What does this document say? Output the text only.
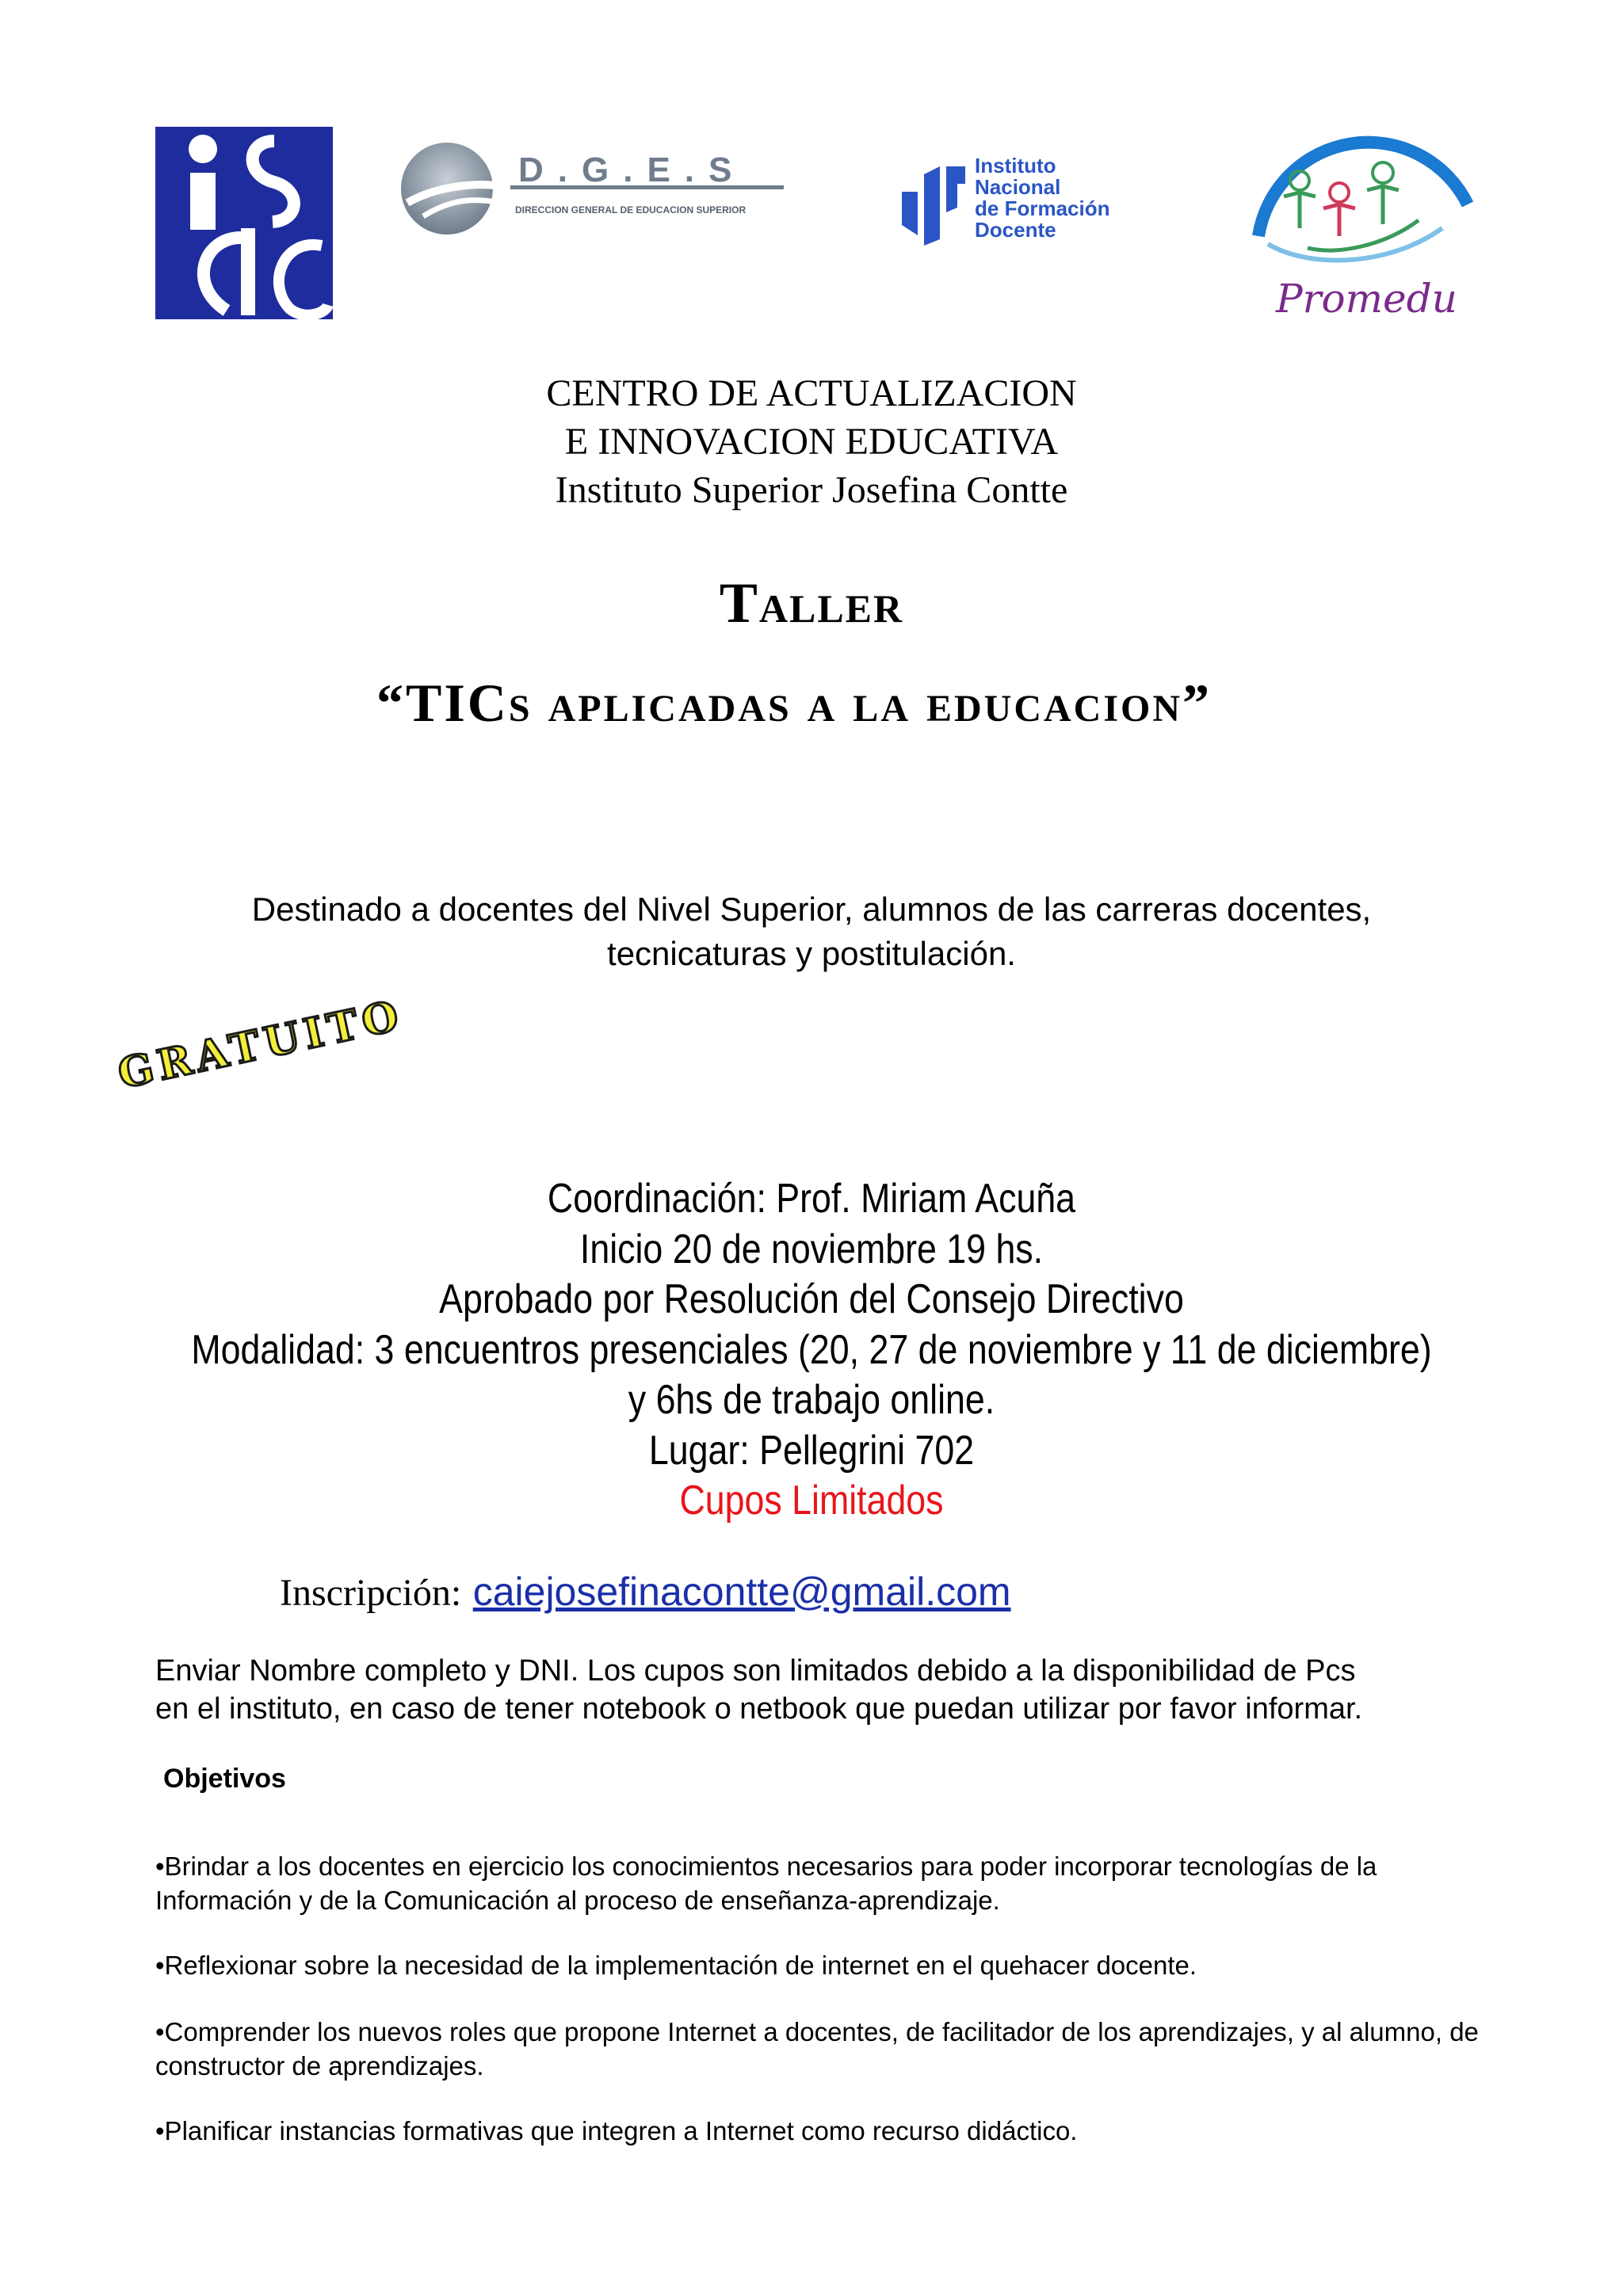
D.G.E.S
DIRECCION GENERAL DE EDUCACION SUPERIOR
Instituto
Nacional
de Formación
Docente
Promedu
CENTRO DE ACTUALIZACION
E INNOVACION EDUCATIVA
Instituto Superior Josefina Contte
Taller
“TICs aplicadas a la educacion”
Destinado a docentes del Nivel Superior, alumnos de las carreras docentes,
tecnicaturas y postitulación.
GRATUITO
Coordinación: Prof. Miriam Acuña
Inicio 20 de noviembre 19 hs.
Aprobado por Resolución del Consejo Directivo
Modalidad: 3 encuentros presenciales (20, 27 de noviembre y 11 de diciembre)
y 6hs de trabajo online.
Lugar: Pellegrini 702
Cupos Limitados
Inscripción: caiejosefinacontte@gmail.com
Enviar Nombre completo y DNI. Los cupos son limitados debido a la disponibilidad de Pcs
en el instituto, en caso de tener notebook o netbook que puedan utilizar por favor informar.
Objetivos
•Brindar a los docentes en ejercicio los conocimientos necesarios para poder incorporar tecnologías de la Información y de la Comunicación al proceso de enseñanza-aprendizaje.
•Reflexionar sobre la necesidad de la implementación de internet en el quehacer docente.
•Comprender los nuevos roles que propone Internet a docentes, de facilitador de los aprendizajes, y al alumno, de constructor de aprendizajes.
•Planificar instancias formativas que integren a Internet como recurso didáctico.
